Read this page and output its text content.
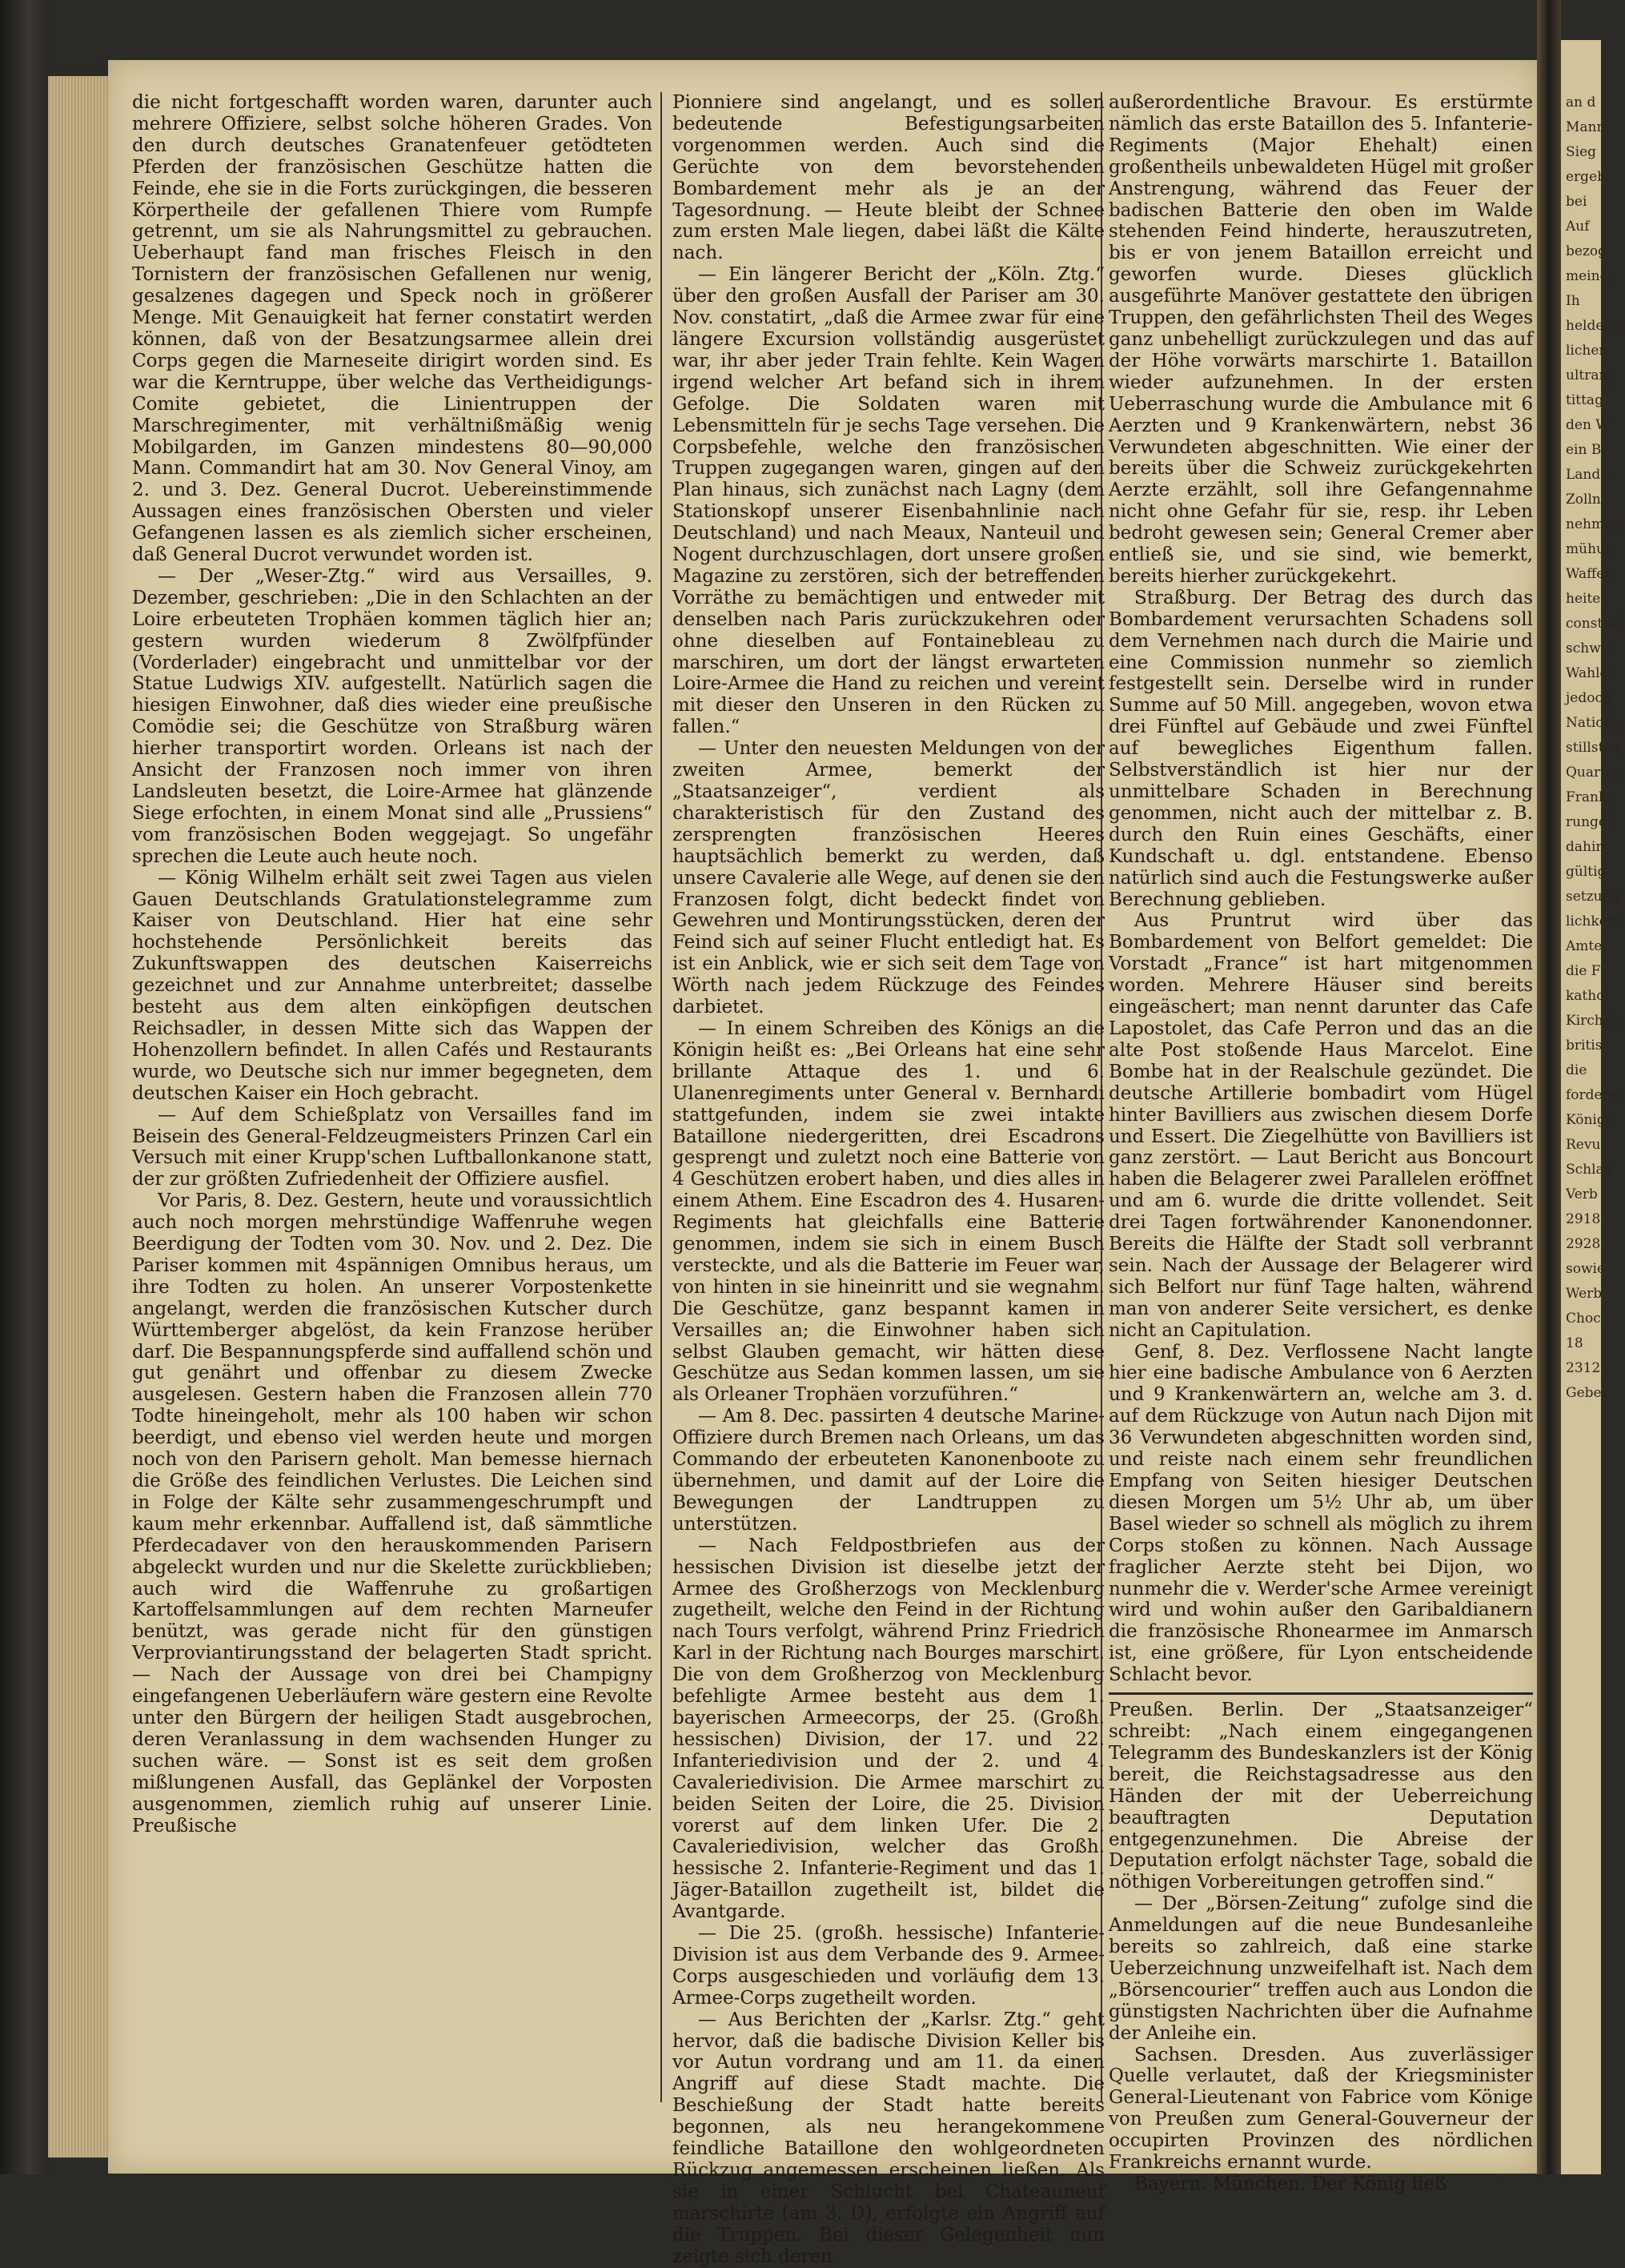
an d
Mann
Sieg
ergeb
bei
Auf
bezog
meines
Ih
heldenm
lichen
ultram
tittag
den W
ein B
Landta
Zolln
nehmen
mühun
Waffen
heiten
constitu
schwer
Wahler
jedoch
Nationa
stillstan
Quartie
Franks
rungen
dahin
gültig
setzung
lichkeit
Amte
die F
kathol
Kirchen
britis
die
fordere
Königli
Revu
Schlag
Verb
2918
2928
sowie
Werb
Choc
18
2312
Geber

die nicht fortgeschafft worden waren, darunter auch mehrere Offiziere, selbst solche höheren Grades. Von den durch deutsches Granatenfeuer getödteten Pferden der französischen Geschütze hatten die Feinde, ehe sie in die Forts zurückgingen, die besseren Körpertheile der gefallenen Thiere vom Rumpfe getrennt, um sie als Nahrungsmittel zu gebrauchen. Ueberhaupt fand man frisches Fleisch in den Tornistern der französischen Gefallenen nur wenig, gesalzenes dagegen und Speck noch in größerer Menge. Mit Genauigkeit hat ferner constatirt werden können, daß von der Besatzungsarmee allein drei Corps gegen die Marneseite dirigirt worden sind. Es war die Kerntruppe, über welche das Vertheidigungs-Comite gebietet, die Linientruppen der Marschregimenter, mit verhältnißmäßig wenig Mobilgarden, im Ganzen mindestens 80—90,000 Mann. Commandirt hat am 30. Nov General Vinoy, am 2. und 3. Dez. General Ducrot. Uebereinstimmende Aussagen eines französischen Obersten und vieler Gefangenen lassen es als ziemlich sicher erscheinen, daß General Ducrot verwundet worden ist.

— Der „Weser-Ztg.“ wird aus Versailles, 9. Dezember, geschrieben: „Die in den Schlachten an der Loire erbeuteten Trophäen kommen täglich hier an; gestern wurden wiederum 8 Zwölfpfünder (Vorderlader) eingebracht und unmittelbar vor der Statue Ludwigs XIV. aufgestellt. Natürlich sagen die hiesigen Einwohner, daß dies wieder eine preußische Comödie sei; die Geschütze von Straßburg wären hierher transportirt worden. Orleans ist nach der Ansicht der Franzosen noch immer von ihren Landsleuten besetzt, die Loire-Armee hat glänzende Siege erfochten, in einem Monat sind alle „Prussiens“ vom französischen Boden weggejagt. So ungefähr sprechen die Leute auch heute noch.

— König Wilhelm erhält seit zwei Tagen aus vielen Gauen Deutschlands Gratulationstelegramme zum Kaiser von Deutschland. Hier hat eine sehr hochstehende Persönlichkeit bereits das Zukunftswappen des deutschen Kaiserreichs gezeichnet und zur Annahme unterbreitet; dasselbe besteht aus dem alten einköpfigen deutschen Reichsadler, in dessen Mitte sich das Wappen der Hohenzollern befindet. In allen Cafés und Restaurants wurde, wo Deutsche sich nur immer begegneten, dem deutschen Kaiser ein Hoch gebracht.

— Auf dem Schießplatz von Versailles fand im Beisein des General-Feldzeugmeisters Prinzen Carl ein Versuch mit einer Krupp'schen Luftballonkanone statt, der zur größten Zufriedenheit der Offiziere ausfiel.

Vor Paris, 8. Dez. Gestern, heute und voraussichtlich auch noch morgen mehrstündige Waffenruhe wegen Beerdigung der Todten vom 30. Nov. und 2. Dez. Die Pariser kommen mit 4spännigen Omnibus heraus, um ihre Todten zu holen. An unserer Vorpostenkette angelangt, werden die französischen Kutscher durch Württemberger abgelöst, da kein Franzose herüber darf. Die Bespannungspferde sind auffallend schön und gut genährt und offenbar zu diesem Zwecke ausgelesen. Gestern haben die Franzosen allein 770 Todte hineingeholt, mehr als 100 haben wir schon beerdigt, und ebenso viel werden heute und morgen noch von den Parisern geholt. Man bemesse hiernach die Größe des feindlichen Verlustes. Die Leichen sind in Folge der Kälte sehr zusammengeschrumpft und kaum mehr erkennbar. Auffallend ist, daß sämmtliche Pferdecadaver von den herauskommenden Parisern abgeleckt wurden und nur die Skelette zurückblieben; auch wird die Waffenruhe zu großartigen Kartoffelsammlungen auf dem rechten Marneufer benützt, was gerade nicht für den günstigen Verproviantirungsstand der belagerten Stadt spricht. — Nach der Aussage von drei bei Champigny eingefangenen Ueberläufern wäre gestern eine Revolte unter den Bürgern der heiligen Stadt ausgebrochen, deren Veranlassung in dem wachsenden Hunger zu suchen wäre. — Sonst ist es seit dem großen mißlungenen Ausfall, das Geplänkel der Vorposten ausgenommen, ziemlich ruhig auf unserer Linie. Preußische

Pionniere sind angelangt, und es sollen bedeutende Befestigungsarbeiten vorgenommen werden. Auch sind die Gerüchte von dem bevorstehenden Bombardement mehr als je an der Tagesordnung. — Heute bleibt der Schnee zum ersten Male liegen, dabei läßt die Kälte nach.

— Ein längerer Bericht der „Köln. Ztg.“ über den großen Ausfall der Pariser am 30. Nov. constatirt, „daß die Armee zwar für eine längere Excursion vollständig ausgerüstet war, ihr aber jeder Train fehlte. Kein Wagen irgend welcher Art befand sich in ihrem Gefolge. Die Soldaten waren mit Lebensmitteln für je sechs Tage versehen. Die Corpsbefehle, welche den französischen Truppen zugegangen waren, gingen auf den Plan hinaus, sich zunächst nach Lagny (dem Stationskopf unserer Eisenbahnlinie nach Deutschland) und nach Meaux, Nanteuil und Nogent durchzuschlagen, dort unsere großen Magazine zu zerstören, sich der betreffenden Vorräthe zu bemächtigen und entweder mit denselben nach Paris zurückzukehren oder ohne dieselben auf Fontainebleau zu marschiren, um dort der längst erwarteten Loire-Armee die Hand zu reichen und vereint mit dieser den Unseren in den Rücken zu fallen.“

— Unter den neuesten Meldungen von der zweiten Armee, bemerkt der „Staatsanzeiger“, verdient als charakteristisch für den Zustand des zersprengten französischen Heeres hauptsächlich bemerkt zu werden, daß unsere Cavalerie alle Wege, auf denen sie den Franzosen folgt, dicht bedeckt findet von Gewehren und Montirungsstücken, deren der Feind sich auf seiner Flucht entledigt hat. Es ist ein Anblick, wie er sich seit dem Tage von Wörth nach jedem Rückzuge des Feindes darbietet.

— In einem Schreiben des Königs an die Königin heißt es: „Bei Orleans hat eine sehr brillante Attaque des 1. und 6. Ulanenregiments unter General v. Bernhardi stattgefunden, indem sie zwei intakte Bataillone niedergeritten, drei Escadrons gesprengt und zuletzt noch eine Batterie von 4 Geschützen erobert haben, und dies alles in einem Athem. Eine Escadron des 4. Husaren-Regiments hat gleichfalls eine Batterie genommen, indem sie sich in einem Busch versteckte, und als die Batterie im Feuer war, von hinten in sie hineinritt und sie wegnahm. Die Geschütze, ganz bespannt kamen in Versailles an; die Einwohner haben sich selbst Glauben gemacht, wir hätten diese Geschütze aus Sedan kommen lassen, um sie als Orleaner Trophäen vorzuführen.“

— Am 8. Dec. passirten 4 deutsche Marine-Offiziere durch Bremen nach Orleans, um das Commando der erbeuteten Kanonenboote zu übernehmen, und damit auf der Loire die Bewegungen der Landtruppen zu unterstützen.

— Nach Feldpostbriefen aus der hessischen Division ist dieselbe jetzt der Armee des Großherzogs von Mecklenburg zugetheilt, welche den Feind in der Richtung nach Tours verfolgt, während Prinz Friedrich Karl in der Richtung nach Bourges marschirt. Die von dem Großherzog von Mecklenburg befehligte Armee besteht aus dem 1. bayerischen Armeecorps, der 25. (Großh. hessischen) Division, der 17. und 22. Infanteriedivision und der 2. und 4. Cavaleriedivision. Die Armee marschirt zu beiden Seiten der Loire, die 25. Division vorerst auf dem linken Ufer. Die 2. Cavaleriedivision, welcher das Großh. hessische 2. Infanterie-Regiment und das 1. Jäger-Bataillon zugetheilt ist, bildet die Avantgarde.

— Die 25. (großh. hessische) Infanterie-Division ist aus dem Verbande des 9. Armee-Corps ausgeschieden und vorläufig dem 13. Armee-Corps zugetheilt worden.

— Aus Berichten der „Karlsr. Ztg.“ geht hervor, daß die badische Division Keller bis vor Autun vordrang und am 11. da einen Angriff auf diese Stadt machte. Die Beschießung der Stadt hatte bereits begonnen, als neu herangekommene feindliche Bataillone den wohlgeordneten Rückzug angemessen erscheinen ließen. Als sie in einer Schlucht bei Chateauneuf marschirte (am 3. D), erfolgte ein Angriff auf die Truppen. Bei dieser Gelegenheit nun zeigte sich deren

außerordentliche Bravour. Es erstürmte nämlich das erste Bataillon des 5. Infanterie-Regiments (Major Ehehalt) einen großentheils unbewaldeten Hügel mit großer Anstrengung, während das Feuer der badischen Batterie den oben im Walde stehenden Feind hinderte, herauszutreten, bis er von jenem Bataillon erreicht und geworfen wurde. Dieses glücklich ausgeführte Manöver gestattete den übrigen Truppen, den gefährlichsten Theil des Weges ganz unbehelligt zurückzulegen und das auf der Höhe vorwärts marschirte 1. Bataillon wieder aufzunehmen. In der ersten Ueberraschung wurde die Ambulance mit 6 Aerzten und 9 Krankenwärtern, nebst 36 Verwundeten abgeschnitten. Wie einer der bereits über die Schweiz zurückgekehrten Aerzte erzählt, soll ihre Gefangennahme nicht ohne Gefahr für sie, resp. ihr Leben bedroht gewesen sein; General Cremer aber entließ sie, und sie sind, wie bemerkt, bereits hierher zurückgekehrt.

Straßburg. Der Betrag des durch das Bombardement verursachten Schadens soll dem Vernehmen nach durch die Mairie und eine Commission nunmehr so ziemlich festgestellt sein. Derselbe wird in runder Summe auf 50 Mill. angegeben, wovon etwa drei Fünftel auf Gebäude und zwei Fünftel auf bewegliches Eigenthum fallen. Selbstverständlich ist hier nur der unmittelbare Schaden in Berechnung genommen, nicht auch der mittelbar z. B. durch den Ruin eines Geschäfts, einer Kundschaft u. dgl. entstandene. Ebenso natürlich sind auch die Festungswerke außer Berechnung geblieben.

Aus Pruntrut wird über das Bombardement von Belfort gemeldet: Die Vorstadt „France“ ist hart mitgenommen worden. Mehrere Häuser sind bereits eingeäschert; man nennt darunter das Cafe Lapostolet, das Cafe Perron und das an die alte Post stoßende Haus Marcelot. Eine Bombe hat in der Realschule gezündet. Die deutsche Artillerie bombadirt vom Hügel hinter Bavilliers aus zwischen diesem Dorfe und Essert. Die Ziegelhütte von Bavilliers ist ganz zerstört. — Laut Bericht aus Boncourt haben die Belagerer zwei Parallelen eröffnet und am 6. wurde die dritte vollendet. Seit drei Tagen fortwährender Kanonendonner. Bereits die Hälfte der Stadt soll verbrannt sein. Nach der Aussage der Belagerer wird sich Belfort nur fünf Tage halten, während man von anderer Seite versichert, es denke nicht an Capitulation.

Genf, 8. Dez. Verflossene Nacht langte hier eine badische Ambulance von 6 Aerzten und 9 Krankenwärtern an, welche am 3. d. auf dem Rückzuge von Autun nach Dijon mit 36 Verwundeten abgeschnitten worden sind, und reiste nach einem sehr freundlichen Empfang von Seiten hiesiger Deutschen diesen Morgen um 5½ Uhr ab, um über Basel wieder so schnell als möglich zu ihrem Corps stoßen zu können. Nach Aussage fraglicher Aerzte steht bei Dijon, wo nunmehr die v. Werder'sche Armee vereinigt wird und wohin außer den Garibaldianern die französische Rhonearmee im Anmarsch ist, eine größere, für Lyon entscheidende Schlacht bevor.

Preußen. Berlin. Der „Staatsanzeiger“ schreibt: „Nach einem eingegangenen Telegramm des Bundeskanzlers ist der König bereit, die Reichstagsadresse aus den Händen der mit der Ueberreichung beauftragten Deputation entgegenzunehmen. Die Abreise der Deputation erfolgt nächster Tage, sobald die nöthigen Vorbereitungen getroffen sind.“

— Der „Börsen-Zeitung“ zufolge sind die Anmeldungen auf die neue Bundesanleihe bereits so zahlreich, daß eine starke Ueberzeichnung unzweifelhaft ist. Nach dem „Börsencourier“ treffen auch aus London die günstigsten Nachrichten über die Aufnahme der Anleihe ein.

Sachsen. Dresden. Aus zuverlässiger Quelle verlautet, daß der Kriegsminister General-Lieutenant von Fabrice vom Könige von Preußen zum General-Gouverneur der occupirten Provinzen des nördlichen Frankreichs ernannt wurde.

Bayern. München. Der König ließ
